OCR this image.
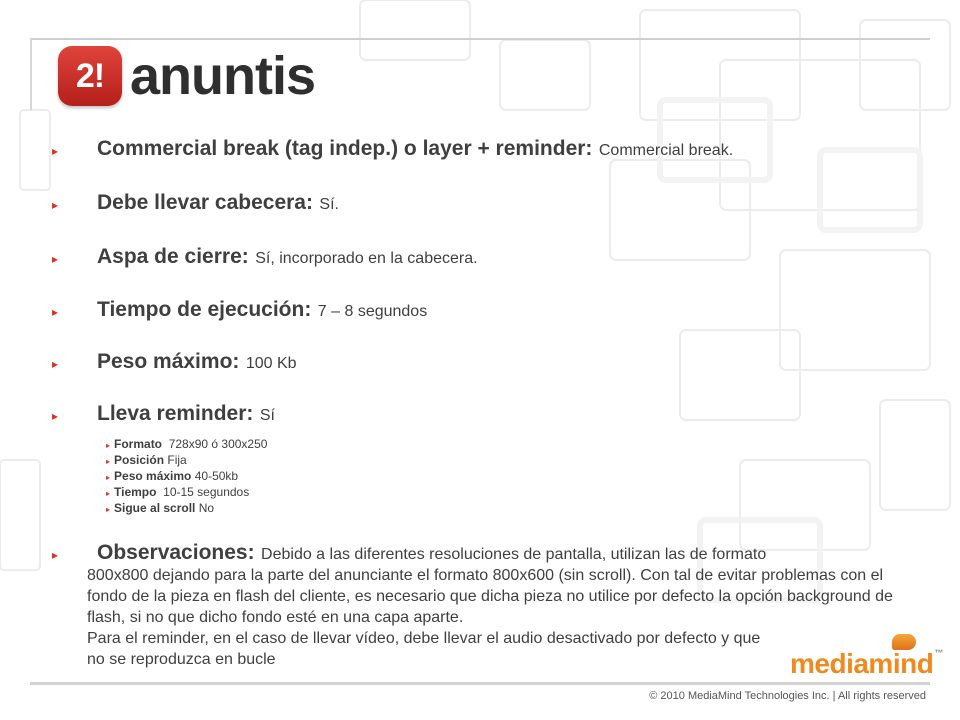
2! anuntis
▸ Commercial break (tag indep.) o layer + reminder: Commercial break.
▸ Debe llevar cabecera: Sí.
▸ Aspa de cierre: Sí, incorporado en la cabecera.
▸ Tiempo de ejecución: 7 – 8 segundos
▸ Peso máximo: 100 Kb
▸ Lleva reminder: Sí
▸ Formato 728x90 ó 300x250
▸ Posición Fija
▸ Peso máximo 40-50kb
▸ Tiempo 10-15 segundos
▸ Sigue al scroll No
▸ Observaciones: Debido a las diferentes resoluciones de pantalla, utilizan las de formato

800x800 dejando para la parte del anunciante el formato 800x600 (sin scroll). Con tal de evitar problemas con el fondo de la pieza en flash del cliente, es necesario que dicha pieza no utilice por defecto la opción background de flash, si no que dicho fondo esté en una capa aparte.

Para el reminder, en el caso de llevar vídeo, debe llevar el audio desactivado por defecto y que no se reproduzca en bucle	mediamind™
© 2010 MediaMind Technologies Inc. | All rights reserved
